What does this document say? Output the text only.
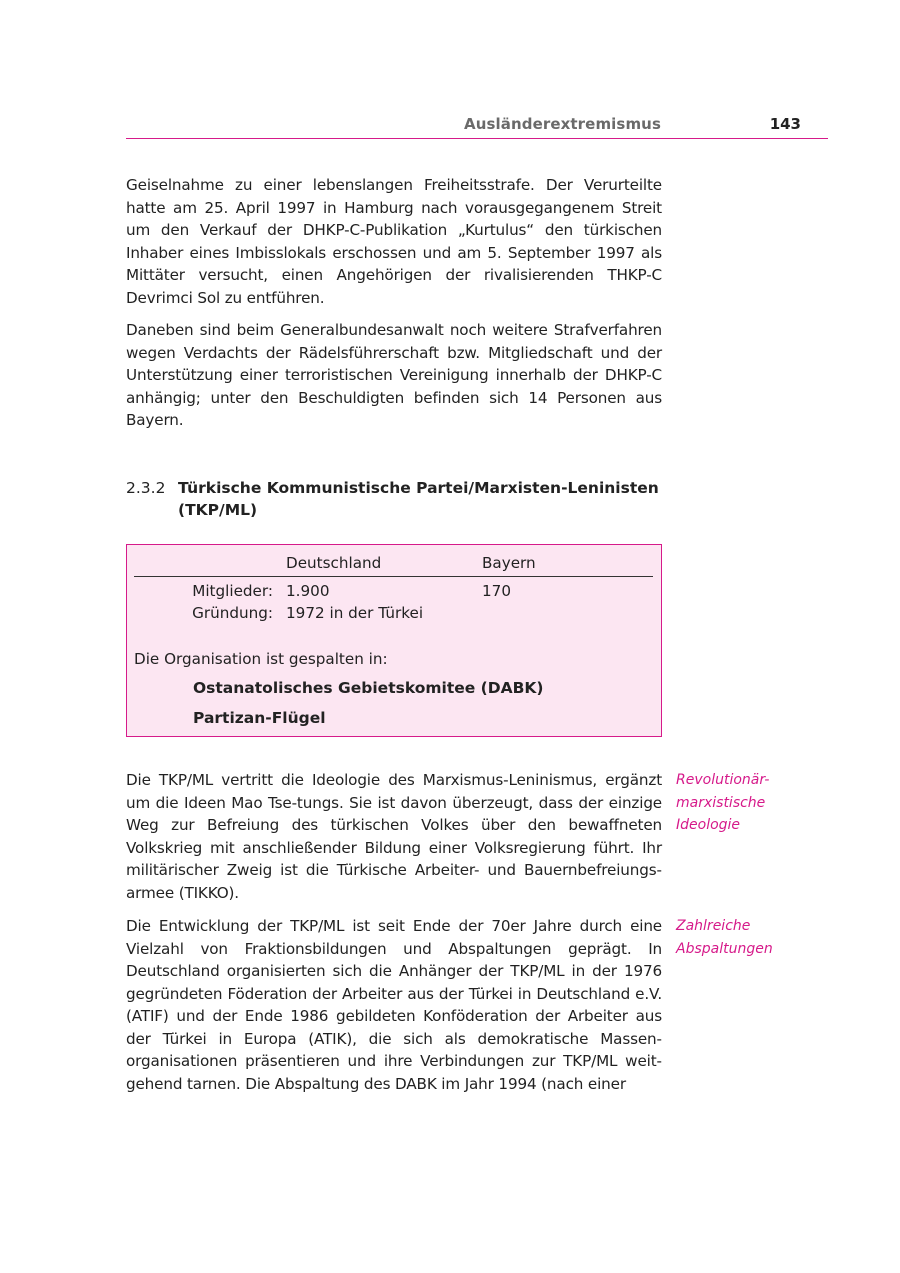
Ausländerextremismus	143

Geiselnahme zu einer lebenslangen Freiheitsstrafe. Der Verurteilte hatte am 25. April 1997 in Hamburg nach vorausgegangenem Streit um den Verkauf der DHKP-C-Publikation „Kurtulus“ den türkischen Inhaber eines Imbisslokals erschossen und am 5. September 1997 als Mittäter versucht, einen Angehörigen der rivalisierenden THKP-C Devrimci Sol zu entführen.

Daneben sind beim Generalbundesanwalt noch weitere Strafverfahren wegen Verdachts der Rädelsführerschaft bzw. Mitgliedschaft und der Unterstützung einer terroristischen Vereinigung innerhalb der DHKP-C anhängig; unter den Beschuldigten befinden sich 14 Personen aus Bayern.

2.3.2 Türkische Kommunistische Partei/Marxisten-Leninisten (TKP/ML)
Deutschland	Bayern
Mitglieder: 1.900	170
Gründung: 1972 in der Türkei
Die Organisation ist gespalten in:
Ostanatolisches Gebietskomitee (DABK)
Partizan-Flügel

Die TKP/ML vertritt die Ideologie des Marxismus-Leninismus, ergänzt um die Ideen Mao Tse-tungs. Sie ist davon überzeugt, dass der einzige Weg zur Befreiung des türkischen Volkes über den bewaffneten Volkskrieg mit anschließender Bildung einer Volksregierung führt. Ihr militärischer Zweig ist die Türkische Arbeiter- und Bauernbefreiungsarmee (TIKKO).

Revolutionär-
marxistische
Ideologie

Die Entwicklung der TKP/ML ist seit Ende der 70er Jahre durch eine Vielzahl von Fraktionsbildungen und Abspaltungen geprägt. In Deutschland organisierten sich die Anhänger der TKP/ML in der 1976 gegründeten Föderation der Arbeiter aus der Türkei in Deutschland e.V. (ATIF) und der Ende 1986 gebildeten Konföderation der Arbeiter aus der Türkei in Europa (ATIK), die sich als demokratische Massenorganisationen präsentieren und ihre Verbindungen zur TKP/ML weitgehend tarnen. Die Abspaltung des DABK im Jahr 1994 (nach einer

Zahlreiche
Abspaltungen
